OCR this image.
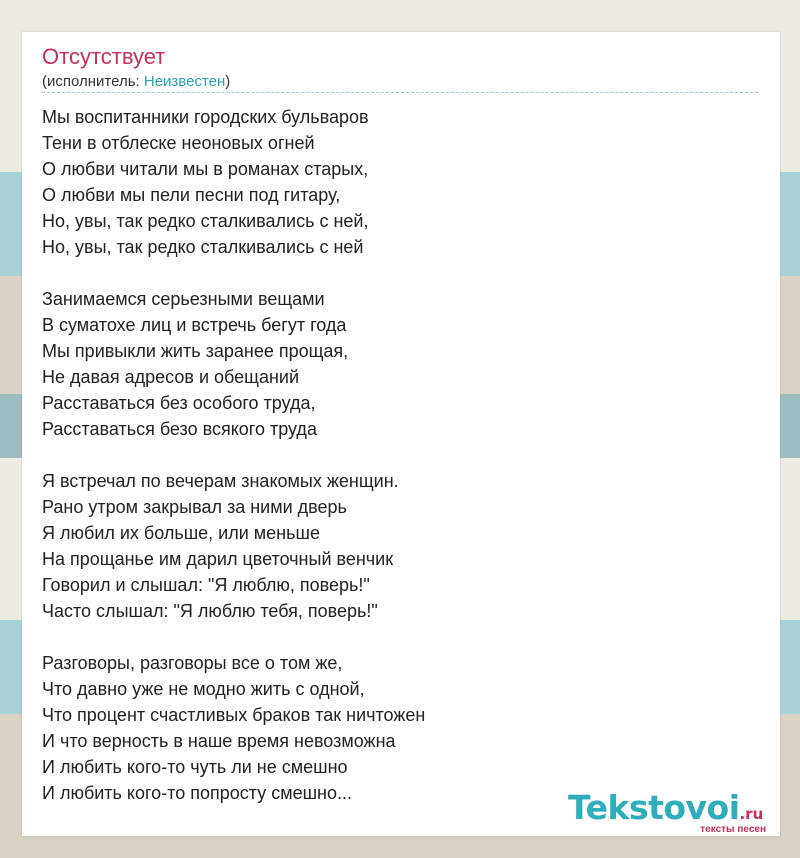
Отсутствует
(исполнитель: Неизвестен)
Мы воспитанники городских бульваров
Тени в отблеске неоновых огней
О любви читали мы в романах старых,
О любви мы пели песни под гитару,
Но, увы, так редко сталкивались с ней,
Но, увы, так редко сталкивались с ней
Занимаемся серьезными вещами
В суматохе лиц и встречь бегут года
Мы привыкли жить заранее прощая,
Не давая адресов и обещаний
Расставаться без особого труда,
Расставаться безо всякого труда
Я встречал по вечерам знакомых женщин.
Рано утром закрывал за ними дверь
Я любил их больше, или меньше
На прощанье им дарил цветочный венчик
Говорил и слышал: "Я люблю, поверь!"
Часто слышал: "Я люблю тебя, поверь!"
Разговоры, разговоры все о том же,
Что давно уже не модно жить с одной,
Что процент счастливых браков так ничтожен
И что верность в наше время невозможна
И любить кого-то чуть ли не смешно
И любить кого-то попросту смешно...	Tekstovoi.ru
тексты песен
